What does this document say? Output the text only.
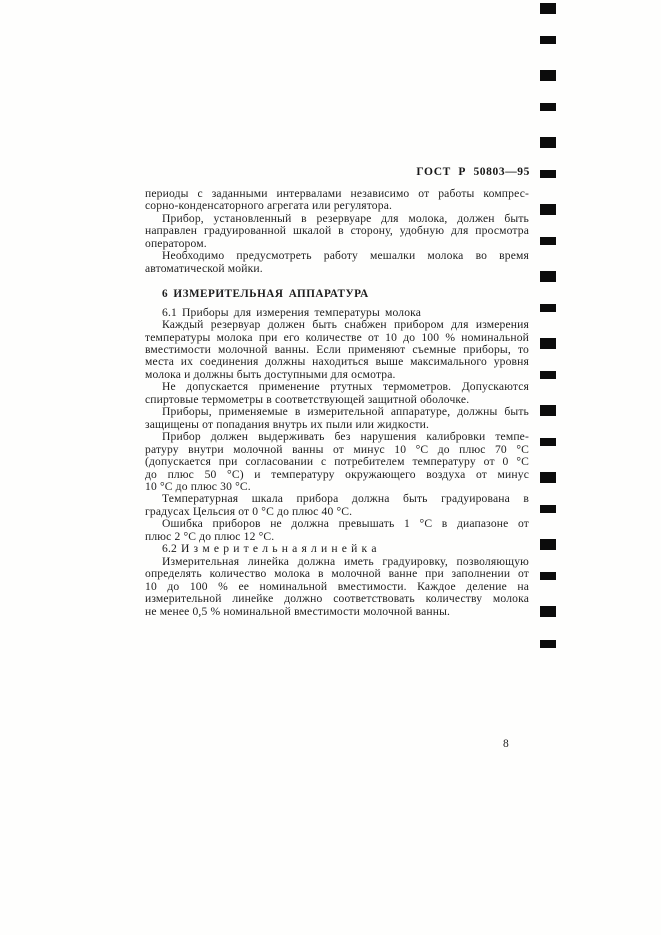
ГОСТ Р 50803—95
периоды с заданными интервалами независимо от работы компрес-
сорно-конденсаторного агрегата или регулятора.
Прибор, установленный в резервуаре для молока, должен быть
направлен градуированной шкалой в сторону, удобную для просмотра
оператором.
Необходимо предусмотреть работу мешалки молока во время
автоматической мойки.
6 ИЗМЕРИТЕЛЬНАЯ АППАРАТУРА
6.1 Приборы для измерения температуры молока
Каждый резервуар должен быть снабжен прибором для измерения
температуры молока при его количестве от 10 до 100 % номинальной
вместимости молочной ванны. Если применяют съемные приборы, то
места их соединения должны находиться выше максимального уровня
молока и должны быть доступными для осмотра.
Не допускается применение ртутных термометров. Допускаются
спиртовые термометры в соответствующей защитной оболочке.
Приборы, применяемые в измерительной аппаратуре, должны быть
защищены от попадания внутрь их пыли или жидкости.
Прибор должен выдерживать без нарушения калибровки темпе-
ратуру внутри молочной ванны от минус 10 °С до плюс 70 °С
(допускается при согласовании с потребителем температуру от 0 °С
до плюс 50 °С) и температуру окружающего воздуха от минус
10 °С до плюс 30 °С.
Температурная шкала прибора должна быть градуирована в
градусах Цельсия от 0 °С до плюс 40 °С.
Ошибка приборов не должна превышать 1 °С в диапазоне от
плюс 2 °С до плюс 12 °С.
6.2 И з м е р и т е л ь н а я л и н е й к а
Измерительная линейка должна иметь градуировку, позволяющую
определять количество молока в молочной ванне при заполнении от
10 до 100 % ее номинальной вместимости. Каждое деление на
измерительной линейке должно соответствовать количеству молока
не менее 0,5 % номинальной вместимости молочной ванны.
8
